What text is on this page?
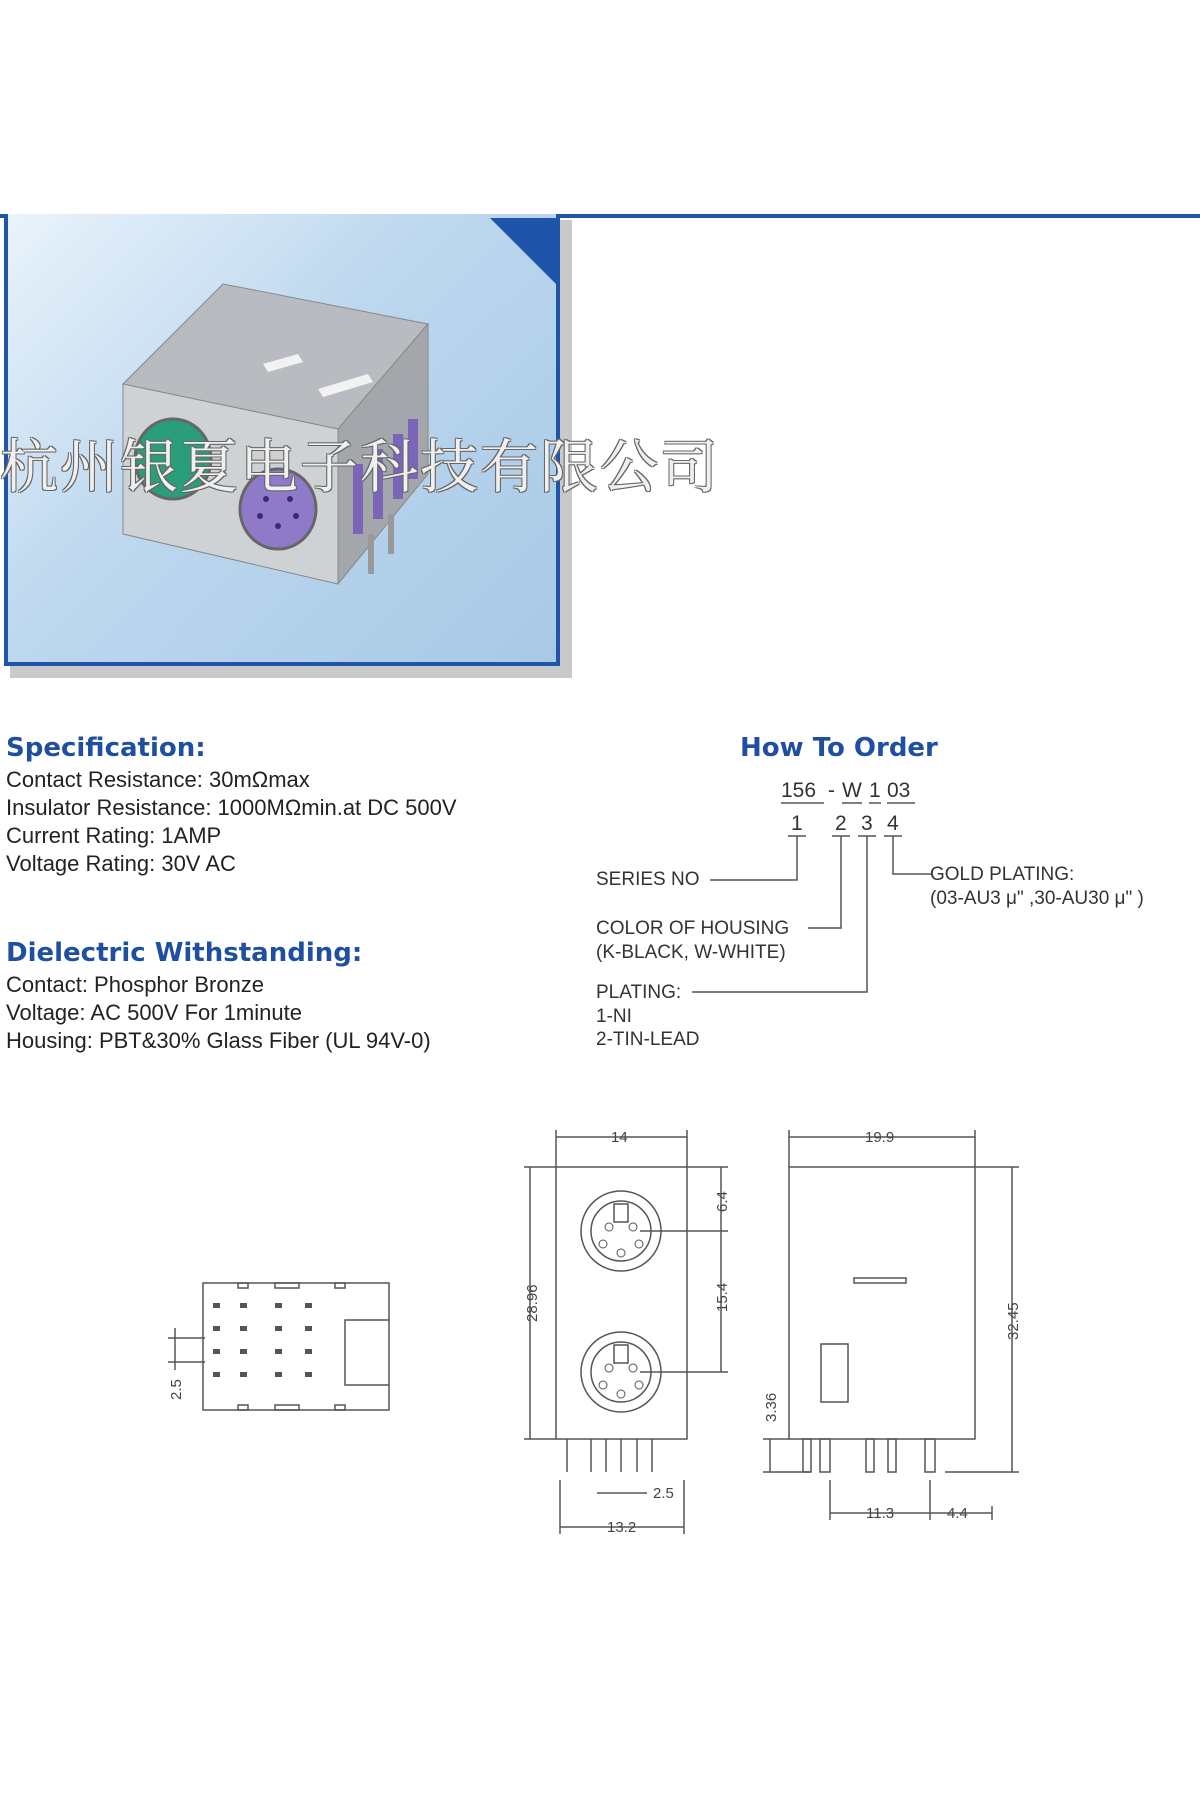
杭州银夏电子科技有限公司
Specification:
Contact Resistance: 30mΩmax
Insulator Resistance: 1000MΩmin.at DC 500V
Current Rating: 1AMP
Voltage Rating: 30V AC
Dielectric Withstanding:
Contact: Phosphor Bronze
Voltage: AC 500V For 1minute
Housing: PBT&30% Glass Fiber (UL 94V-0)
How To Order
156 - W 1 03
1 2 3 4
SERIES NO
COLOR OF HOUSING
(K-BLACK, W-WHITE)
PLATING:
1-NI
2-TIN-LEAD
GOLD PLATING:
(03-AU3 μ" ,30-AU30 μ" )
2.5
14
28.96
6.4
15.4
2.5
13.2
19.9
32.45
3.36
11.3	4.4
